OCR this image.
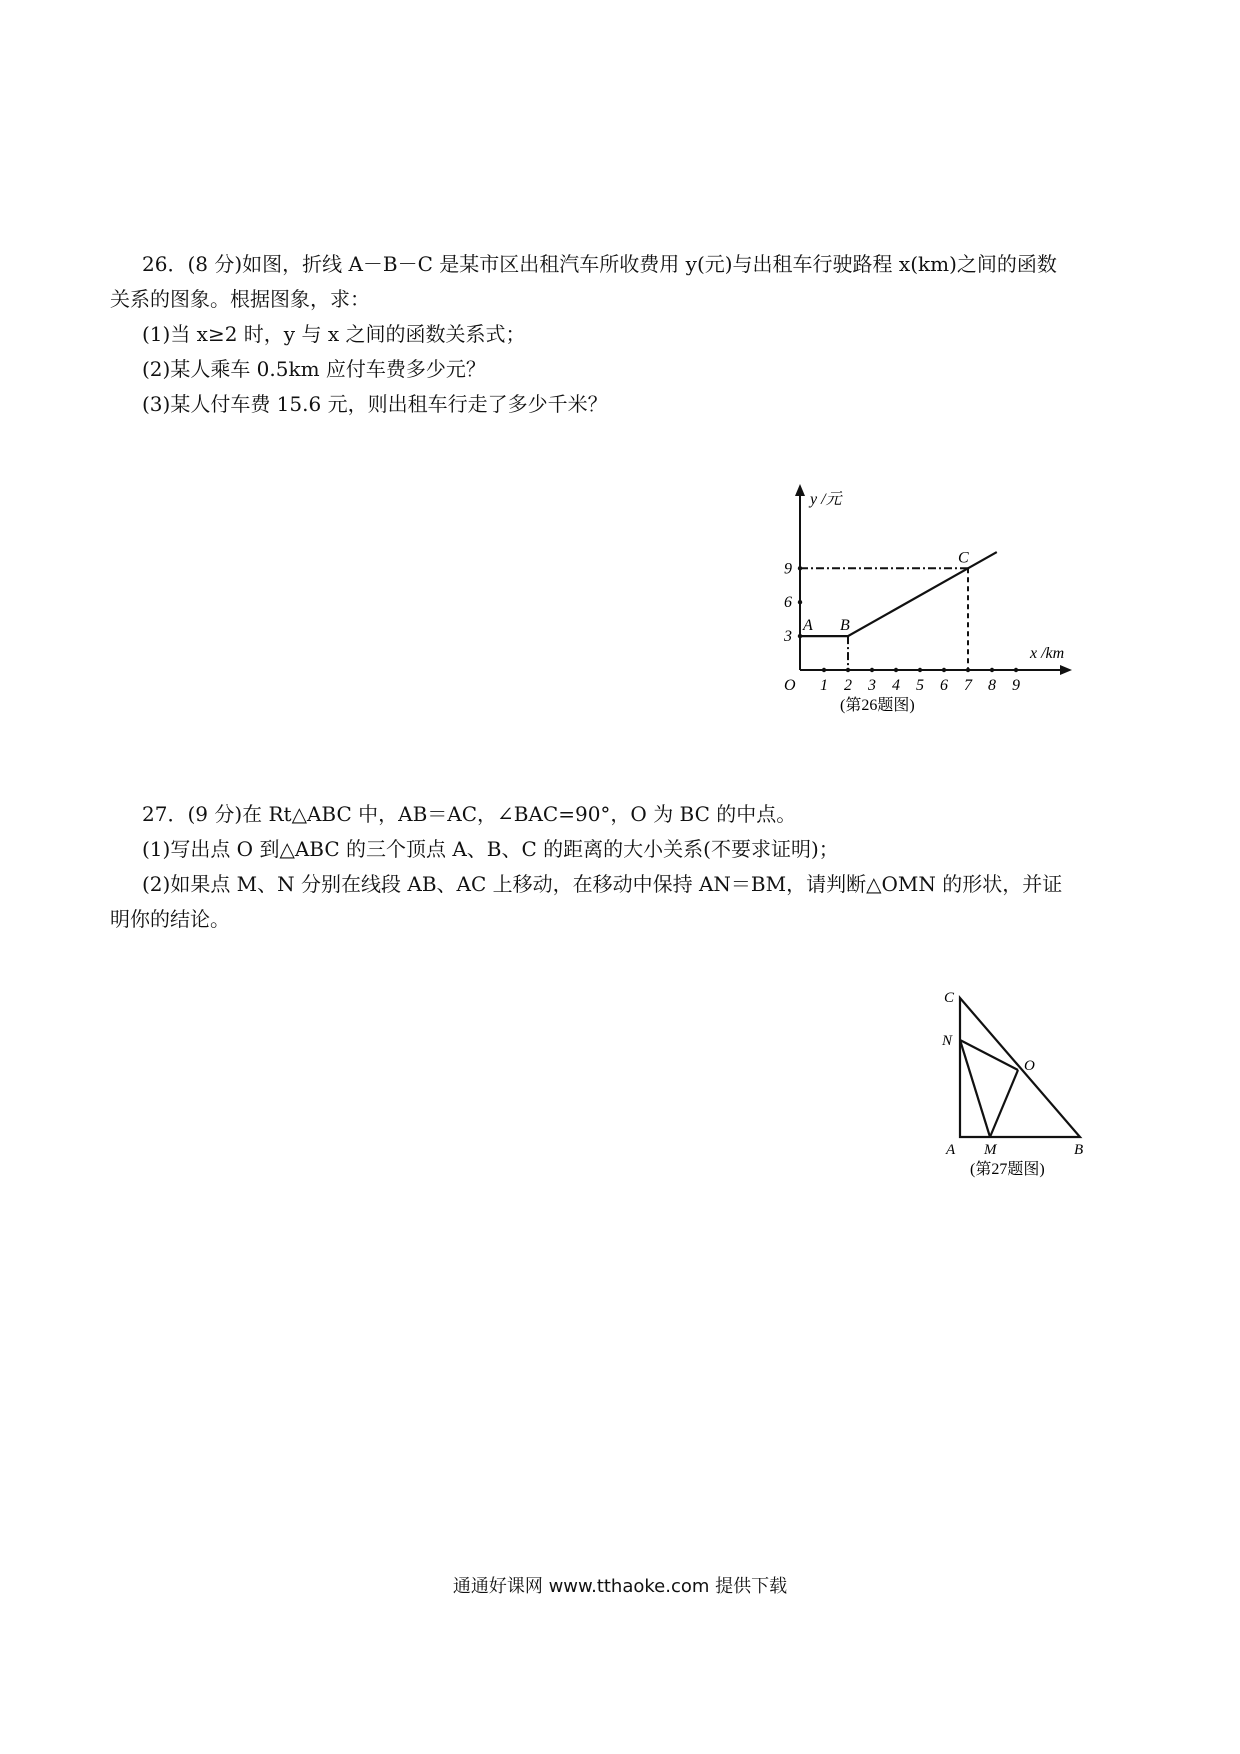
26．(8 分)如图，折线 A－B－C 是某市区出租汽车所收费用 y(元)与出租车行驶路程 x(km)之间的函数
关系的图象。根据图象，求：
(1)当 x≥2 时，y 与 x 之间的函数关系式；
(2)某人乘车 0.5km 应付车费多少元？
(3)某人付车费 15.6 元，则出租车行走了多少千米？
1 2 3 4 5 6 7 8 9
3
6
9
A B
C
y /元
x /km
O
(第26题图)
27．(9 分)在 Rt△ABC 中，AB＝AC，∠BAC=90°，O 为 BC 的中点。
(1)写出点 O 到△ABC 的三个顶点 A、B、C 的距离的大小关系(不要求证明)；
(2)如果点 M、N 分别在线段 AB、AC 上移动，在移动中保持 AN＝BM，请判断△OMN 的形状，并证
明你的结论。
C
N
O
A M	B
(第27题图)
通通好课网 www.tthaoke.com 提供下载
